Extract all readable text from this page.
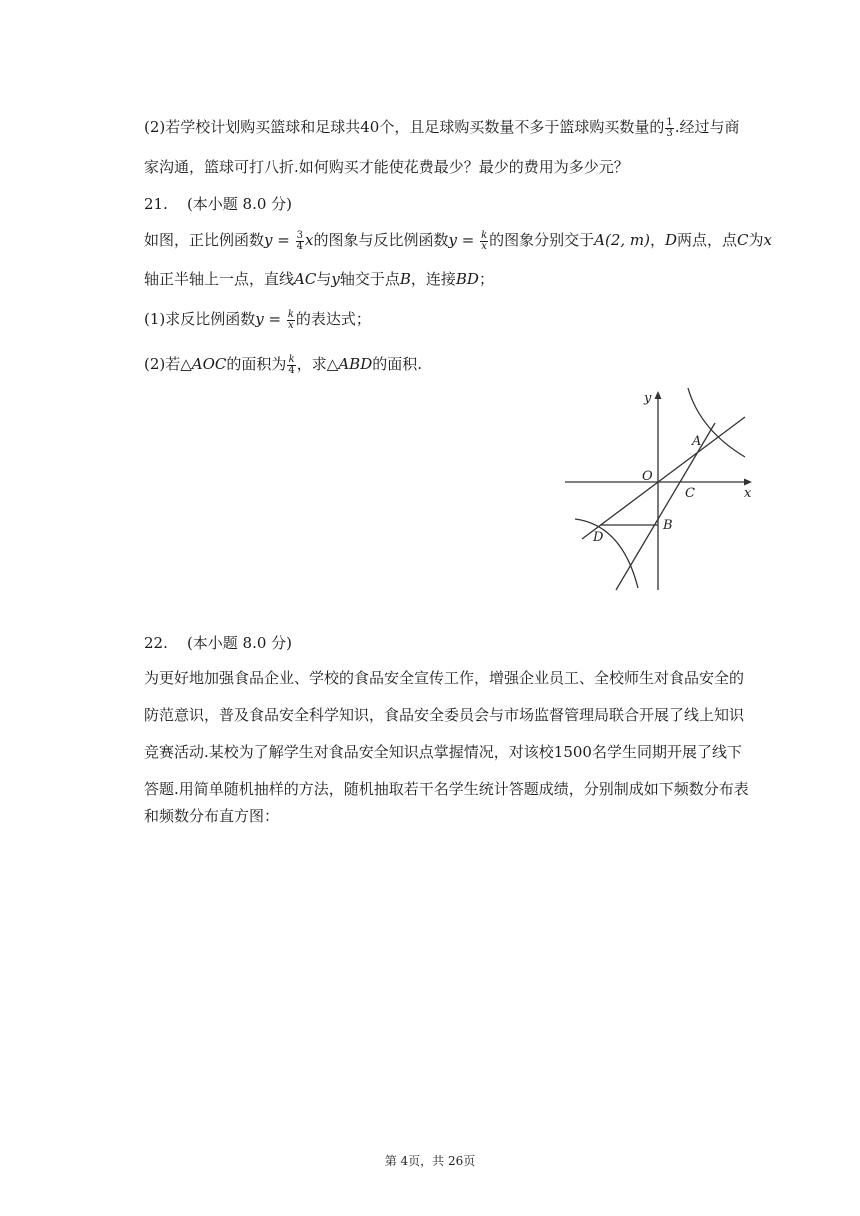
(2)若学校计划购买篮球和足球共40个，且足球购买数量不多于篮球购买数量的 $\frac{1}{3}$ .经过与商
家沟通，篮球可打八折.如何购买才能使花费最少？最少的费用为多少元？
21. (本小题 8.0 分)
如图，正比例函数$y = \frac{3}{4}$ x的图象与反比例函数$y = \frac{k}{x}$ 的图象分别交于A(2, m)，D两点，点C为x
轴正半轴上一点，直线AC与y轴交于点B，连接BD；
(1)求反比例函数$y = \frac{k}{x}$ 的表达式；
(2)若△AOC的面积为 $\frac{k}{4}$ ，求△ABD的面积.
y
x
O
A
C
B
D
22. (本小题 8.0 分)
为更好地加强食品企业、学校的食品安全宣传工作，增强企业员工、全校师生对食品安全的
防范意识，普及食品安全科学知识，食品安全委员会与市场监督管理局联合开展了线上知识
竞赛活动.某校为了解学生对食品安全知识点掌握情况，对该校1500名学生同期开展了线下
答题.用简单随机抽样的方法，随机抽取若干名学生统计答题成绩，分别制成如下频数分布表
和频数分布直方图：
第 4页，共 26页
